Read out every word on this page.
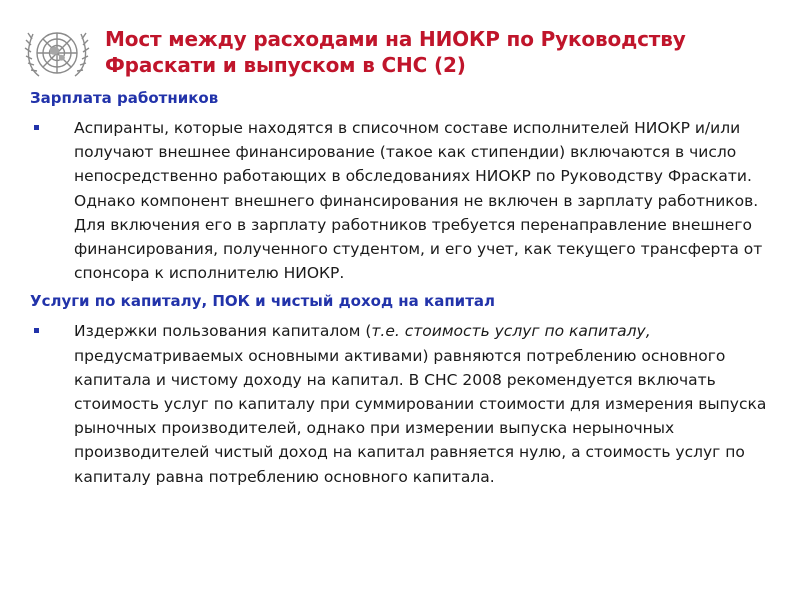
Мост между расходами на НИОКР по Руководству Фраскати и выпуском в СНС (2)
Зарплата работников
Аспиранты, которые находятся в списочном составе исполнителей НИОКР и/или получают внешнее финансирование (такое как стипендии) включаются в число непосредственно работающих в обследованиях НИОКР по Руководству Фраскати. Однако компонент внешнего финансирования не включен в зарплату работников. Для включения его в зарплату работников требуется перенаправление внешнего финансирования, полученного студентом, и его учет, как текущего трансферта от спонсора к исполнителю НИОКР.
Услуги по капиталу, ПОК и чистый доход на капитал
Издержки пользования капиталом (т.е. стоимость услуг по капиталу, предусматриваемых основными активами) равняются потреблению основного капитала и чистому доходу на капитал. В СНС 2008 рекомендуется включать стоимость услуг по капиталу при суммировании стоимости для измерения выпуска рыночных производителей, однако при измерении выпуска нерыночных производителей чистый доход на капитал равняется нулю, а стоимость услуг по капиталу равна потреблению основного капитала.
